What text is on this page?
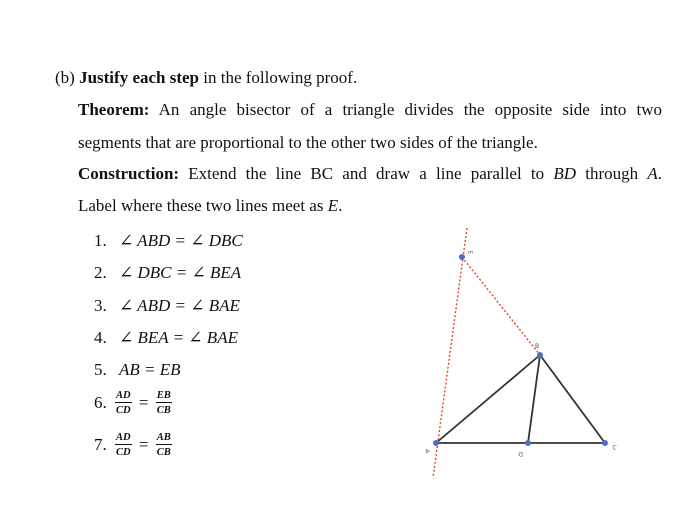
(b) Justify each step in the following proof.
Theorem: An angle bisector of a triangle divides the opposite side into two
segments that are proportional to the other two sides of the triangle.
Construction: Extend the line BC and draw a line parallel to BD through A.
Label where these two lines meet as E.
1. ∠ ABD = ∠ DBC
2. ∠ DBC = ∠ BEA
3. ∠ ABD = ∠ BAE
4. ∠ BEA = ∠ BAE
5. AB = EB
6. $\frac{AD}{CD} = \frac{EB}{CB}$
7. $\frac{AD}{CD} = \frac{AB}{CB}$
E
B
A	C
D
